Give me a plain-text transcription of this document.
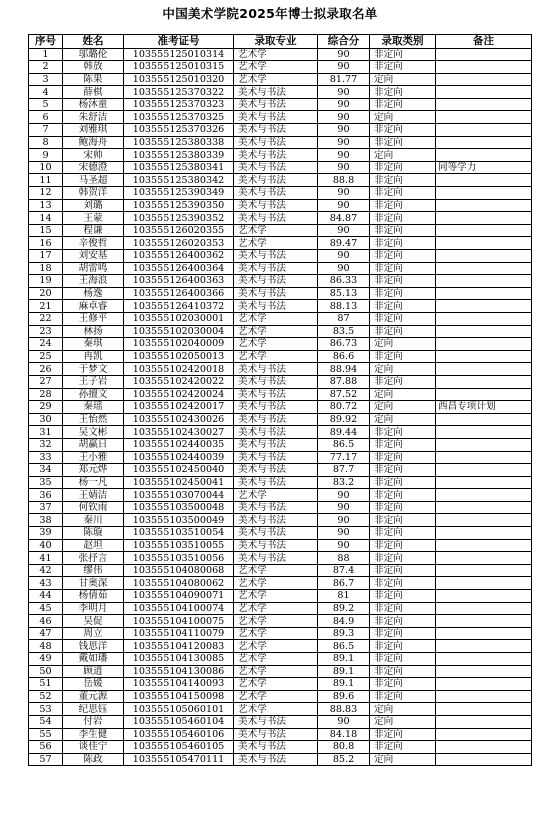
中国美术学院2025年博士拟录取名单
序号	姓名	准考证号	录取专业	综合分	录取类别	备注
1	邬璐伦	103555125010314	艺术学	90	非定向	
2	韩放	103555125010315	艺术学	90	非定向	
3	陈果	103555125010320	艺术学	81.77	定向	
4	薛棋	103555125370322	美术与书法	90	非定向	
5	杨沐童	103555125370323	美术与书法	90	非定向	
6	朱舒洁	103555125370325	美术与书法	90	定向	
7	刘雅琪	103555125370326	美术与书法	90	非定向	
8	鲍海舟	103555125380338	美术与书法	90	非定向	
9	宋帅	103555125380339	美术与书法	90	定向	
10	宋德澄	103555125380341	美术与书法	90	非定向	同等学力
11	马圣超	103555125380342	美术与书法	88.8	非定向	
12	韩贺洋	103555125390349	美术与书法	90	非定向	
13	刘璐	103555125390350	美术与书法	90	非定向	
14	王蒙	103555125390352	美术与书法	84.87	非定向	
15	程谦	103555126020355	艺术学	90	非定向	
16	辛俊哲	103555126020353	艺术学	89.47	非定向	
17	刘安基	103555126400362	美术与书法	90	非定向	
18	胡雷鸣	103555126400364	美术与书法	90	非定向	
19	王海浪	103555126400363	美术与书法	86.33	非定向	
20	杨逸	103555126400366	美术与书法	85.13	非定向	
21	麻卓睿	103555126410372	美术与书法	88.13	非定向	
22	王修平	103555102030001	艺术学	87	非定向	
23	林扬	103555102030004	艺术学	83.5	非定向	
24	秦琪	103555102040009	艺术学	86.73	定向	
25	冉凯	103555102050013	艺术学	86.6	非定向	
26	于梦文	103555102420018	美术与书法	88.94	定向	
27	王子岩	103555102420022	美术与书法	87.88	非定向	
28	孙擅文	103555102420024	美术与书法	87.52	定向	
29	秦瑶	103555102420017	美术与书法	80.72	定向	西昌专项计划
30	王怡然	103555102430026	美术与书法	89.92	定向	
31	吴文彬	103555102430027	美术与书法	89.44	非定向	
32	胡赢日	103555102440035	美术与书法	86.5	非定向	
33	王小雅	103555102440039	美术与书法	77.17	非定向	
34	郑元烨	103555102450040	美术与书法	87.7	非定向	
35	杨一凡	103555102450041	美术与书法	83.2	非定向	
36	王婧洁	103555103070044	艺术学	90	非定向	
37	何钦雨	103555103500048	美术与书法	90	非定向	
38	秦川	103555103500049	美术与书法	90	非定向	
39	陈璇	103555103510054	美术与书法	90	非定向	
40	赵坦	103555103510055	美术与书法	90	非定向	
41	张抒言	103555103510056	美术与书法	88	非定向	
42	缪伟	103555104080068	艺术学	87.4	非定向	
43	甘奥深	103555104080062	艺术学	86.7	非定向	
44	杨倩茹	103555104090071	艺术学	81	非定向	
45	李明月	103555104100074	艺术学	89.2	非定向	
46	吴促	103555104100075	艺术学	84.9	非定向	
47	周立	103555104110079	艺术学	89.3	非定向	
48	钱思洋	103555104120083	艺术学	86.5	非定向	
49	戴如璠	103555104130085	艺术学	89.1	非定向	
50	顾逍	103555104130086	艺术学	89.1	非定向	
51	岳媛	103555104140093	艺术学	89.1	非定向	
52	董元源	103555104150098	艺术学	89.6	非定向	
53	纪思钰	103555105060101	艺术学	88.83	定向	
54	付岩	103555105460104	美术与书法	90	定向	
55	李生健	103555105460106	美术与书法	84.18	非定向	
56	谈佳宁	103555105460105	美术与书法	80.8	非定向	
57	陈政	103555105470111	美术与书法	85.2	定向	
